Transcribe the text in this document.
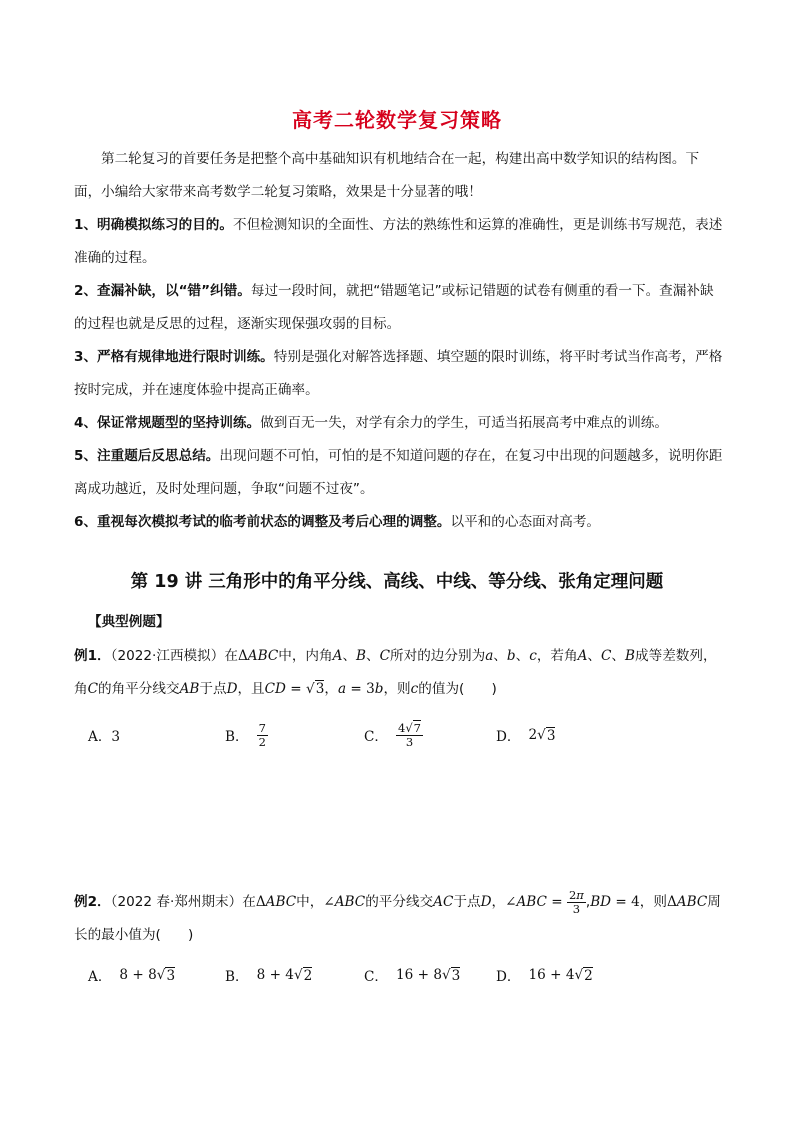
高考二轮数学复习策略

第二轮复习的首要任务是把整个高中基础知识有机地结合在一起，构建出高中数学知识的结构图。下面，小编给大家带来高考数学二轮复习策略，效果是十分显著的哦！

1、明确模拟练习的目的。不但检测知识的全面性、方法的熟练性和运算的准确性，更是训练书写规范，表述准确的过程。

2、查漏补缺，以“错”纠错。每过一段时间，就把“错题笔记”或标记错题的试卷有侧重的看一下。查漏补缺的过程也就是反思的过程，逐渐实现保强攻弱的目标。

3、严格有规律地进行限时训练。特别是强化对解答选择题、填空题的限时训练，将平时考试当作高考，严格按时完成，并在速度体验中提高正确率。

4、保证常规题型的坚持训练。做到百无一失，对学有余力的学生，可适当拓展高考中难点的训练。

5、注重题后反思总结。出现问题不可怕，可怕的是不知道问题的存在，在复习中出现的问题越多，说明你距离成功越近，及时处理问题，争取“问题不过夜”。

6、重视每次模拟考试的临考前状态的调整及考后心理的调整。以平和的心态面对高考。

第 19 讲 三角形中的角平分线、高线、中线、等分线、张角定理问题
【典型例题】

例1．（2022·江西模拟）在ΔABC中，内角A、B、C所对的边分别为a、b、c，若角A、C、B成等差数列，角C的角平分线交AB于点D，且CD = √3，a = 3b，则c的值为(　　)

A．3	B． $\frac{7}{2}$	C． $\frac{4√7}{3}$	D． 2 √ 3

例2．（2022 春·郑州期末）在ΔABC中，∠ABC的平分线交AC于点D，∠ABC = $\frac{2\pi}{3} ,BD = 4$，则ΔABC周长的最小值为(　　)

A． 8 + 8 √ 3	B． 8 + 4 √ 2	C． 16 + 8 √ 3	D． 16 + 4 √ 2
